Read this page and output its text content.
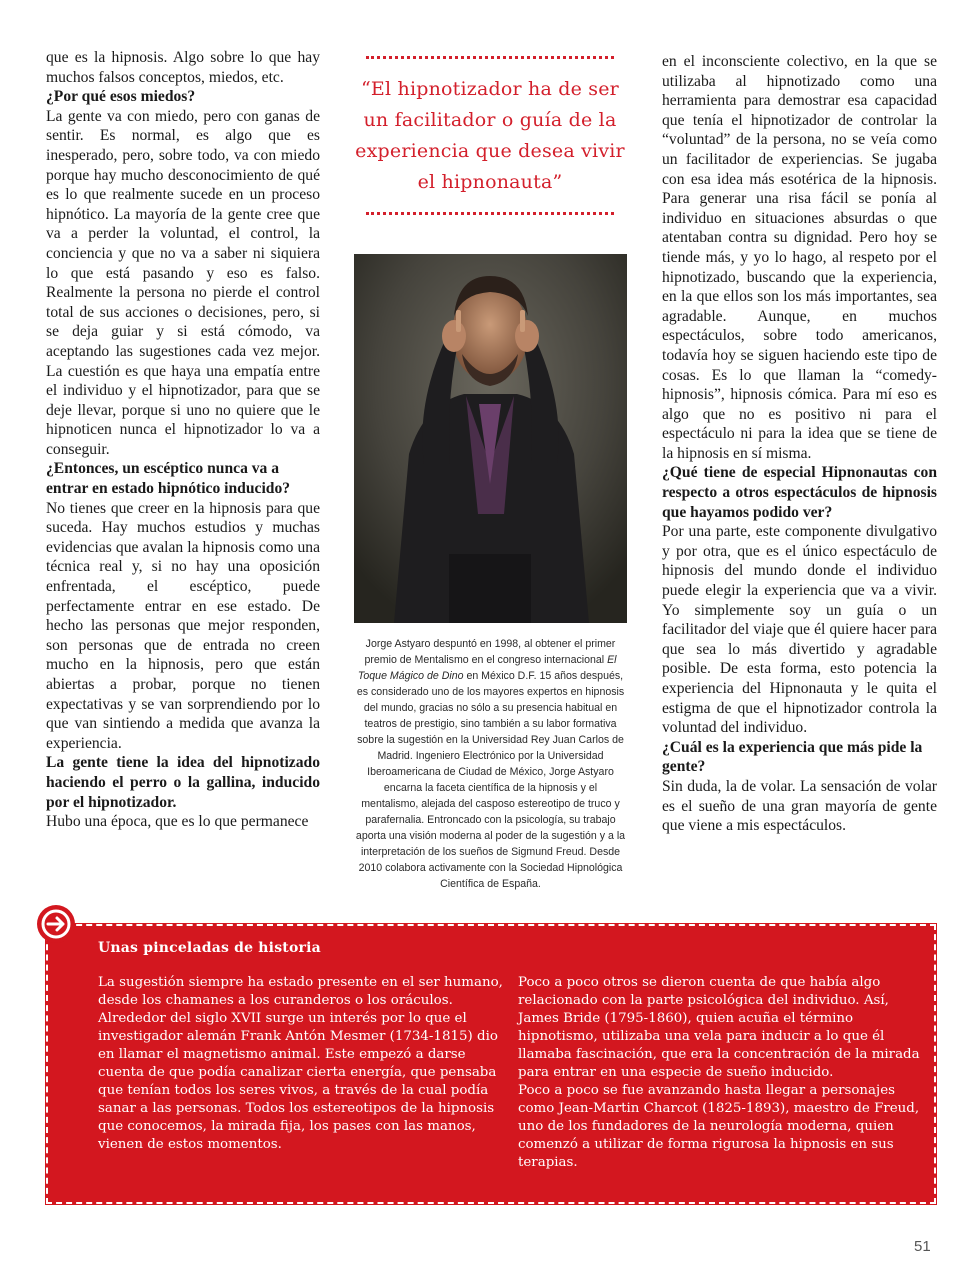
que es la hipnosis. Algo sobre lo que hay muchos falsos conceptos, miedos, etc.

¿Por qué esos miedos?

La gente va con miedo, pero con ganas de sentir. Es normal, es algo que es inesperado, pero, sobre todo, va con miedo porque hay mucho desconocimiento de qué es lo que realmente sucede en un proceso hipnótico. La mayoría de la gente cree que va a perder la voluntad, el control, la conciencia y que no va a saber ni siquiera lo que está pasando y eso es falso. Realmente la persona no pierde el control total de sus acciones o decisiones, pero, si se deja guiar y si está cómodo, va aceptando las sugestiones cada vez mejor. La cuestión es que haya una empatía entre el individuo y el hipnotizador, para que se deje llevar, porque si uno no quiere que le hipnoticen nunca el hipnotizador lo va a conseguir.

¿Entonces, un escéptico nunca va a entrar en estado hipnótico inducido?

No tienes que creer en la hipnosis para que suceda. Hay muchos estudios y muchas evidencias que avalan la hipnosis como una técnica real y, si no hay una oposición enfrentada, el escéptico, puede perfectamente entrar en ese estado. De hecho las personas que mejor responden, son personas que de entrada no creen mucho en la hipnosis, pero que están abiertas a probar, porque no tienen expectativas y se van sorprendiendo por lo que van sintiendo a medida que avanza la experiencia.

La gente tiene la idea del hipnotizado haciendo el perro o la gallina, inducido por el hipnotizador.

Hubo una época, que es lo que permanece

“El hipnotizador ha de ser un facilitador o guía de la experiencia que desea vivir el hipnonauta”
Jorge Astyaro despuntó en 1998, al obtener el primer premio de Mentalismo en el congreso internacional El Toque Mágico de Dino en México D.F. 15 años después, es considerado uno de los mayores expertos en hipnosis del mundo, gracias no sólo a su presencia habitual en teatros de prestigio, sino también a su labor formativa sobre la sugestión en la Universidad Rey Juan Carlos de Madrid. Ingeniero Electrónico por la Universidad Iberoamericana de Ciudad de México, Jorge Astyaro encarna la faceta científica de la hipnosis y el mentalismo, alejada del casposo estereotipo de truco y parafernalia. Entroncado con la psicología, su trabajo aporta una visión moderna al poder de la sugestión y a la interpretación de los sueños de Sigmund Freud. Desde 2010 colabora activamente con la Sociedad Hipnológica Científica de España.

en el inconsciente colectivo, en la que se utilizaba al hipnotizado como una herramienta para demostrar esa capacidad que tenía el hipnotizador de controlar la “voluntad” de la persona, no se veía como un facilitador de experiencias. Se jugaba con esa idea más esotérica de la hipnosis. Para generar una risa fácil se ponía al individuo en situaciones absurdas o que atentaban contra su dignidad. Pero hoy se tiende más, y yo lo hago, al respeto por el hipnotizado, buscando que la experiencia, en la que ellos son los más importantes, sea agradable. Aunque, en muchos espectáculos, sobre todo americanos, todavía hoy se siguen haciendo este tipo de cosas. Es lo que llaman la “comedy-hipnosis”, hipnosis cómica. Para mí eso es algo que no es positivo ni para el espectáculo ni para la idea que se tiene de la hipnosis en sí misma.

¿Qué tiene de especial Hipnonautas con respecto a otros espectáculos de hipnosis que hayamos podido ver?

Por una parte, este componente divulgativo y por otra, que es el único espectáculo de hipnosis del mundo donde el individuo puede elegir la experiencia que va a vivir. Yo simplemente soy un guía o un facilitador del viaje que él quiere hacer para que sea lo más divertido y agradable posible. De esta forma, esto potencia la experiencia del Hipnonauta y le quita el estigma de que el hipnotizador controla la voluntad del individuo.

¿Cuál es la experiencia que más pide la gente?

Sin duda, la de volar. La sensación de volar es el sueño de una gran mayoría de gente que viene a mis espectáculos.

Unas pinceladas de historia

La sugestión siempre ha estado presente en el ser humano, desde los chamanes a los curanderos o los oráculos.

Alrededor del siglo XVII surge un interés por lo que el investigador alemán Frank Antón Mesmer (1734-1815) dio en llamar el magnetismo animal. Este empezó a darse cuenta de que podía canalizar cierta energía, que pensaba que tenían todos los seres vivos, a través de la cual podía sanar a las personas. Todos los estereotipos de la hipnosis que conocemos, la mirada fija, los pases con las manos, vienen de estos momentos.

Poco a poco otros se dieron cuenta de que había algo relacionado con la parte psicológica del individuo. Así, James Bride (1795-1860), quien acuña el término hipnotismo, utilizaba una vela para inducir a lo que él llamaba fascinación, que era la concentración de la mirada para entrar en una especie de sueño inducido.

Poco a poco se fue avanzando hasta llegar a personajes como Jean-Martin Charcot (1825-1893), maestro de Freud, uno de los fundadores de la neurología moderna, quien comenzó a utilizar de forma rigurosa la hipnosis en sus terapias.

51
